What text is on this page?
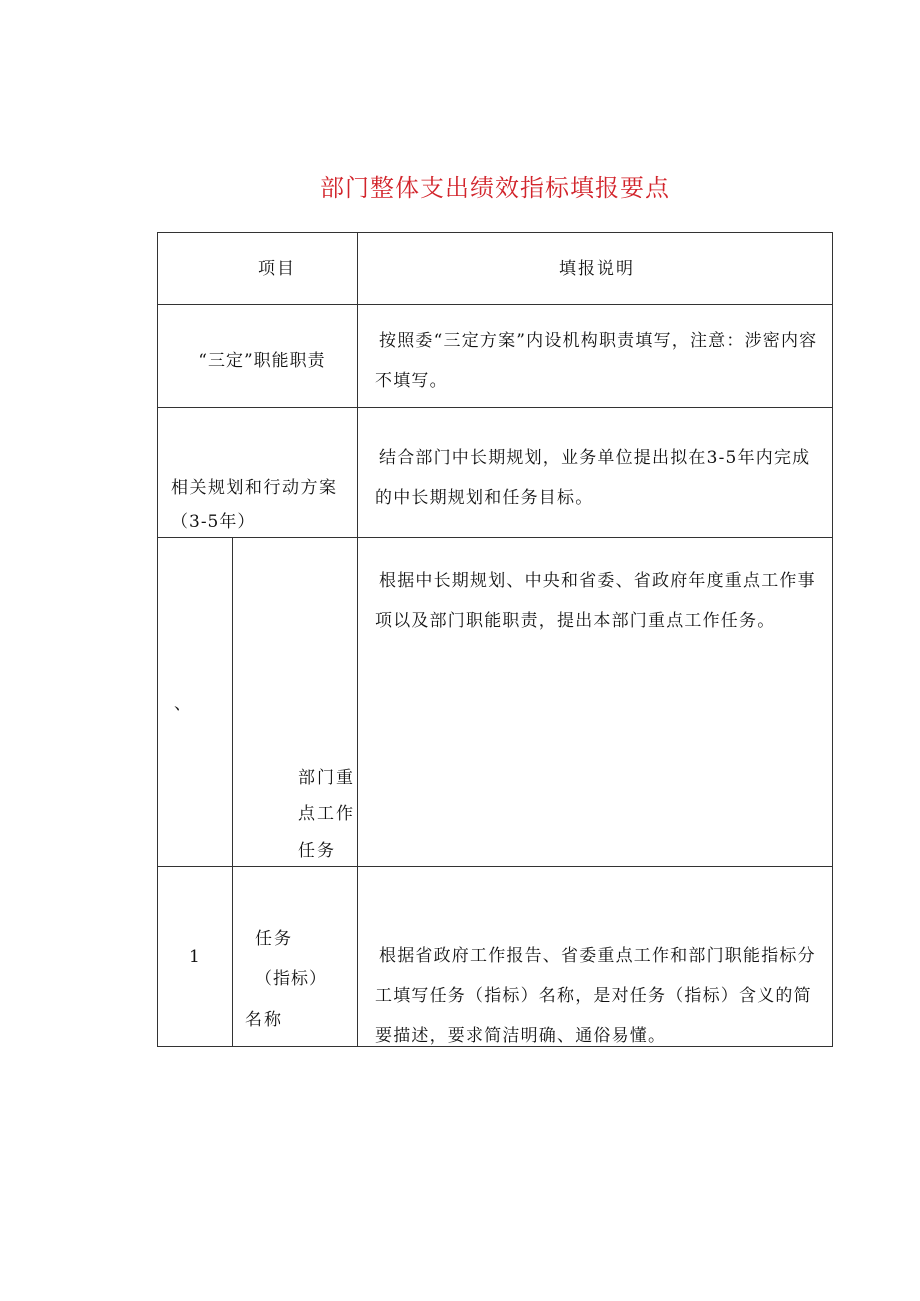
部门整体支出绩效指标填报要点
项目	填报说明
“三定”职能职责
按照委“三定方案”内设机构职责填写，注意：涉密内容不填写。
相关规划和行动方案
（3-5年）
结合部门中长期规划，业务单位提出拟在3-5年内完成的中长期规划和任务目标。
、
部门重
点工作
任务
根据中长期规划、中央和省委、省政府年度重点工作事项以及部门职能职责，提出本部门重点工作任务。
1
任务
（指标）
名称
根据省政府工作报告、省委重点工作和部门职能指标分工填写任务（指标）名称，是对任务（指标）含义的简要描述，要求简洁明确、通俗易懂。
